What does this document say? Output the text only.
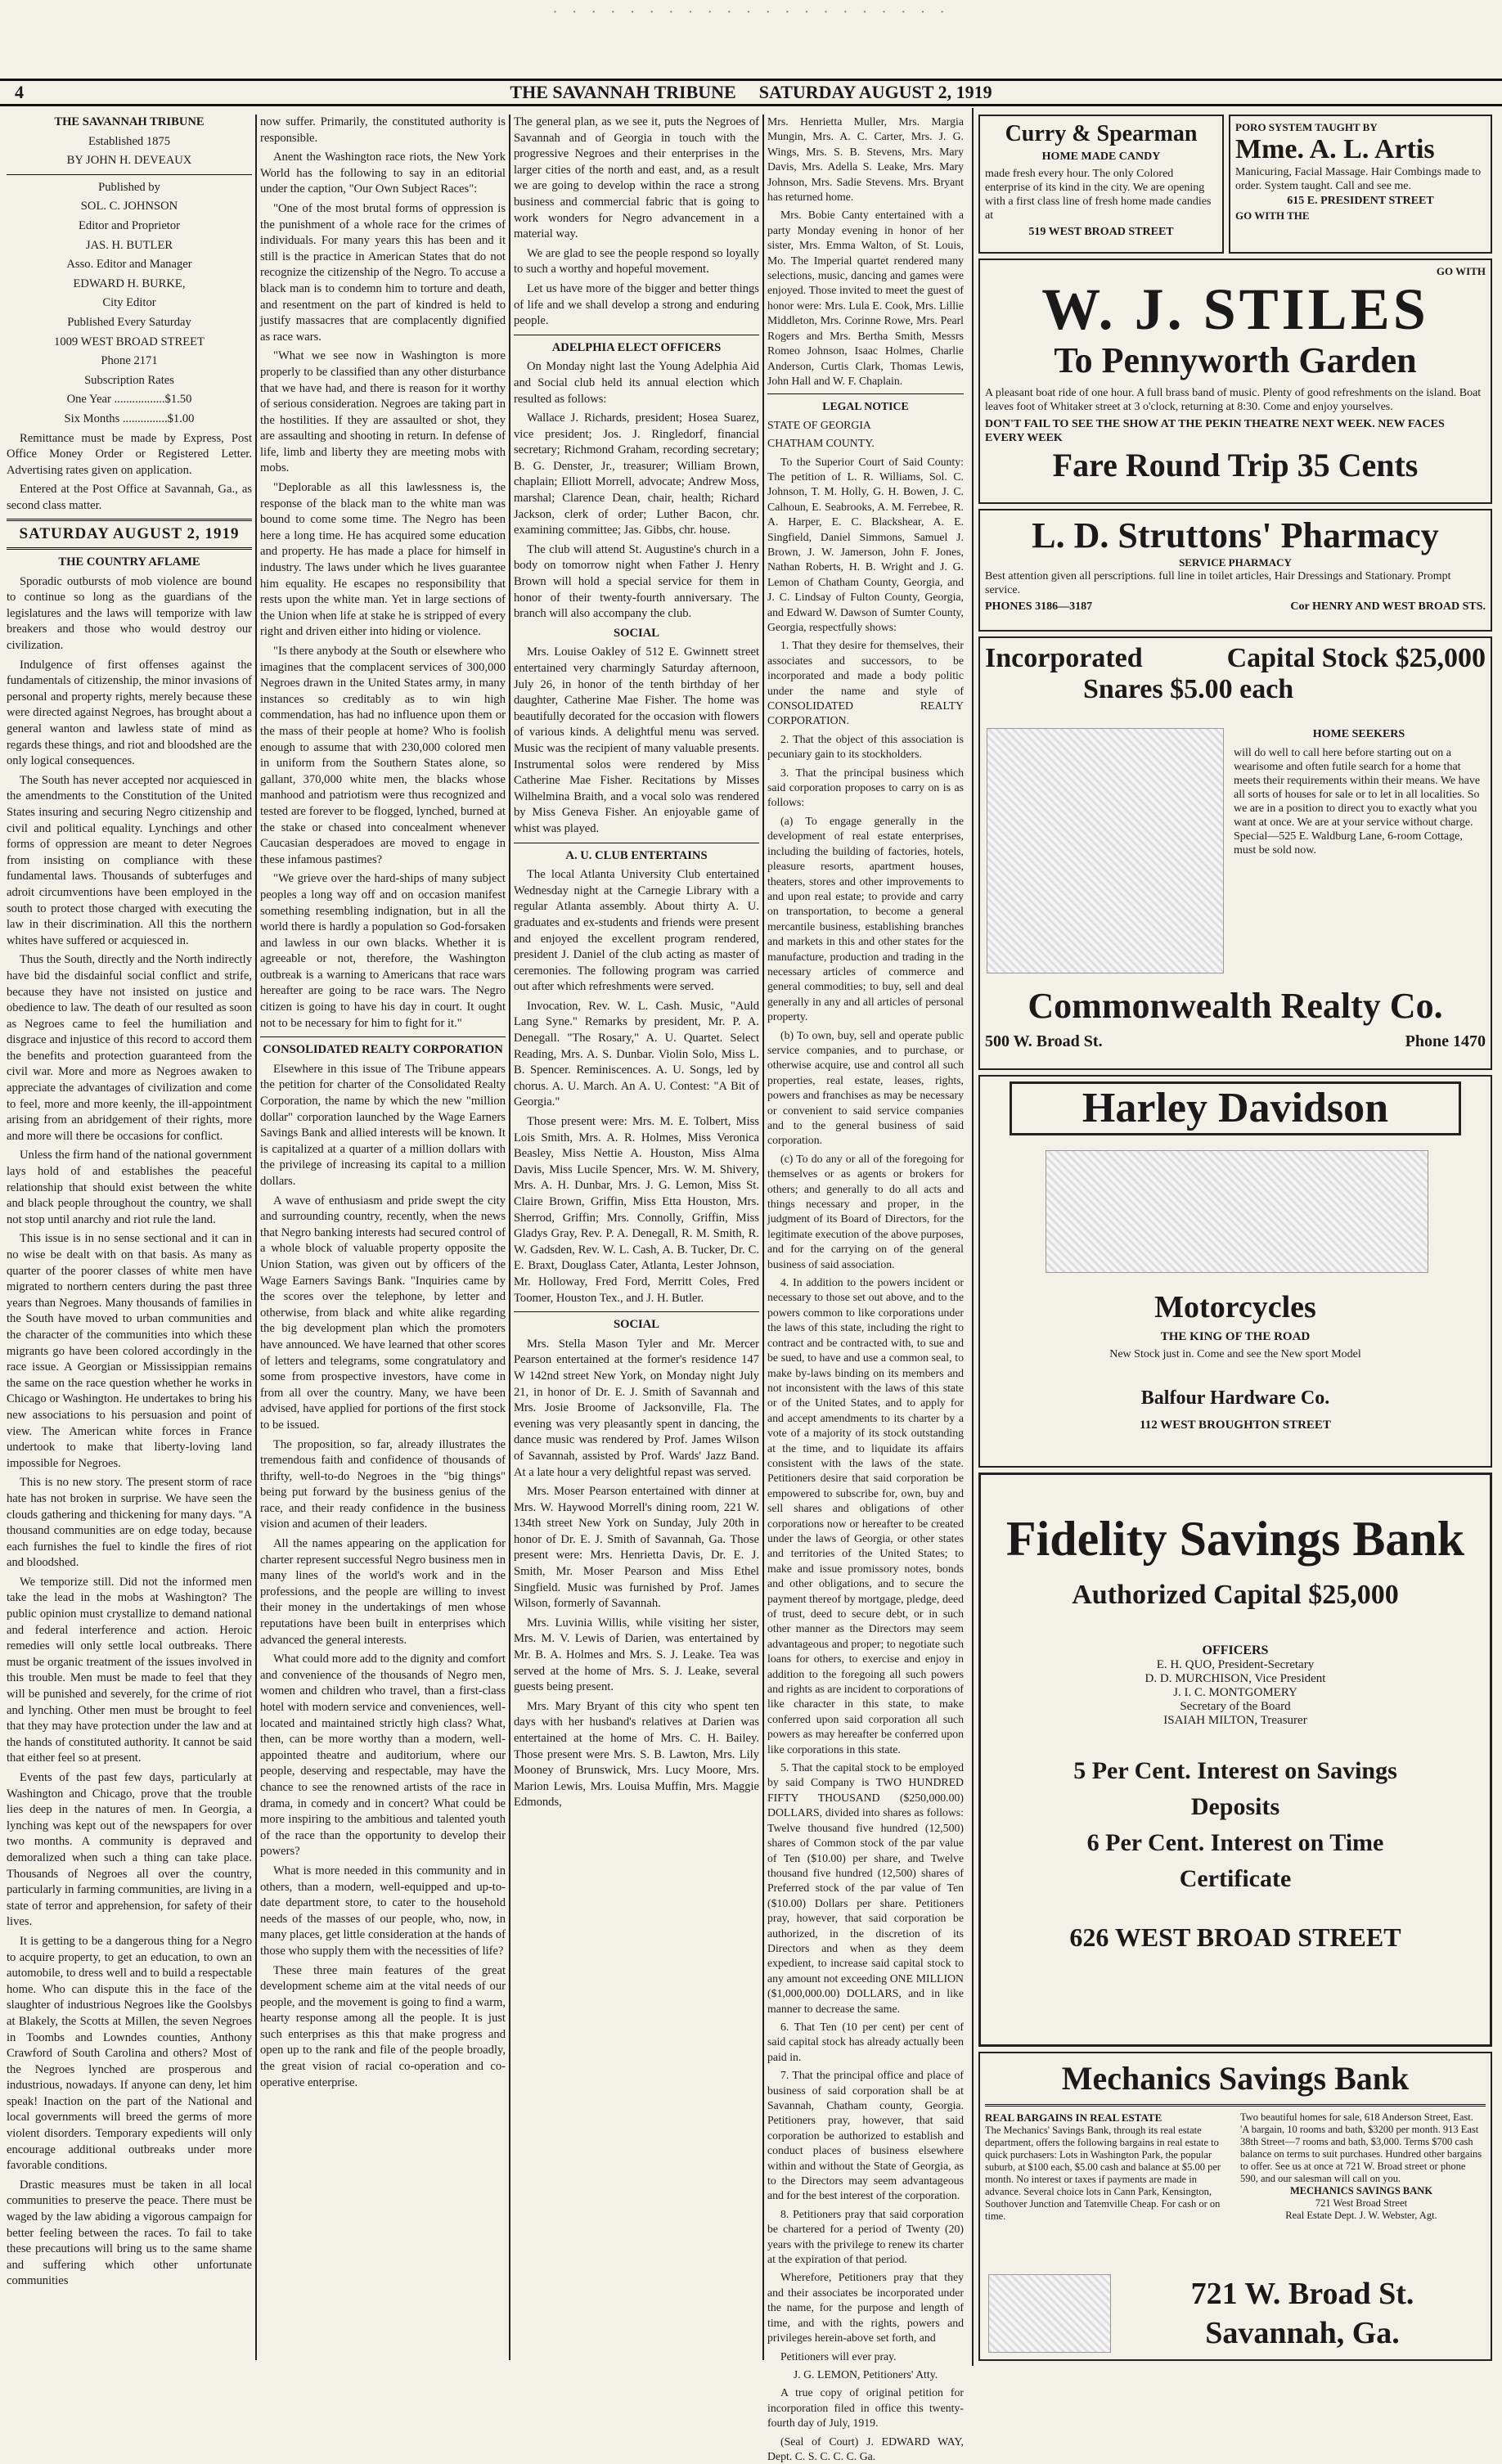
· · · · · · · · · · · · · · · · · · · · ·
4	THE SAVANNAH TRIBUNE SATURDAY AUGUST 2, 1919

THE SAVANNAH TRIBUNE

Established 1875

BY JOHN H. DEVEAUX

Published by

SOL. C. JOHNSON

Editor and Proprietor

JAS. H. BUTLER

Asso. Editor and Manager

EDWARD H. BURKE,

City Editor

Published Every Saturday

1009 WEST BROAD STREET

Phone 2171

Subscription Rates

One Year .................$1.50

Six Months ...............$1.00

Remittance must be made by Express, Post Office Money Order or Registered Letter. Advertising rates given on application.

Entered at the Post Office at Savannah, Ga., as second class matter.

SATURDAY AUGUST 2, 1919

THE COUNTRY AFLAME

Sporadic outbursts of mob violence are bound to continue so long as the guardians of the legislatures and the laws will temporize with law breakers and those who would destroy our civilization.

Indulgence of first offenses against the fundamentals of citizenship, the minor invasions of personal and property rights, merely because these were directed against Negroes, has brought about a general wanton and lawless state of mind as regards these things, and riot and bloodshed are the only logical consequences.

The South has never accepted nor acquiesced in the amendments to the Constitution of the United States insuring and securing Negro citizenship and civil and political equality. Lynchings and other forms of oppression are meant to deter Negroes from insisting on compliance with these fundamental laws. Thousands of subterfuges and adroit circumventions have been employed in the south to protect those charged with executing the law in their discrimination. All this the northern whites have suffered or acquiesced in.

Thus the South, directly and the North indirectly have bid the disdainful social conflict and strife, because they have not insisted on justice and obedience to law. The death of our resulted as soon as Negroes came to feel the humiliation and disgrace and injustice of this record to accord them the benefits and protection guaranteed from the civil war. More and more as Negroes awaken to appreciate the advantages of civilization and come to feel, more and more keenly, the ill-appointment arising from an abridgement of their rights, more and more will there be occasions for conflict.

Unless the firm hand of the national government lays hold of and establishes the peaceful relationship that should exist between the white and black people throughout the country, we shall not stop until anarchy and riot rule the land.

This issue is in no sense sectional and it can in no wise be dealt with on that basis. As many as quarter of the poorer classes of white men have migrated to northern centers during the past three years than Negroes. Many thousands of families in the South have moved to urban communities and the character of the communities into which these migrants go have been colored accordingly in the race issue. A Georgian or Mississippian remains the same on the race question whether he works in Chicago or Washington. He undertakes to bring his new associations to his persuasion and point of view. The American white forces in France undertook to make that liberty-loving land impossible for Negroes.

This is no new story. The present storm of race hate has not broken in surprise. We have seen the clouds gathering and thickening for many days. "A thousand communities are on edge today, because each furnishes the fuel to kindle the fires of riot and bloodshed.

We temporize still. Did not the informed men take the lead in the mobs at Washington? The public opinion must crystallize to demand national and federal interference and action. Heroic remedies will only settle local outbreaks. There must be organic treatment of the issues involved in this trouble. Men must be made to feel that they will be punished and severely, for the crime of riot and lynching. Other men must be brought to feel that they may have protection under the law and at the hands of constituted authority. It cannot be said that either feel so at present.

Events of the past few days, particularly at Washington and Chicago, prove that the trouble lies deep in the natures of men. In Georgia, a lynching was kept out of the newspapers for over two months. A community is depraved and demoralized when such a thing can take place. Thousands of Negroes all over the country, particularly in farming communities, are living in a state of terror and apprehension, for safety of their lives.

It is getting to be a dangerous thing for a Negro to acquire property, to get an education, to own an automobile, to dress well and to build a respectable home. Who can dispute this in the face of the slaughter of industrious Negroes like the Goolsbys at Blakely, the Scotts at Millen, the seven Negroes in Toombs and Lowndes counties, Anthony Crawford of South Carolina and others? Most of the Negroes lynched are prosperous and industrious, nowadays. If anyone can deny, let him speak! Inaction on the part of the National and local governments will breed the germs of more violent disorders. Temporary expedients will only encourage additional outbreaks under more favorable conditions.

Drastic measures must be taken in all local communities to preserve the peace. There must be waged by the law abiding a vigorous campaign for better feeling between the races. To fail to take these precautions will bring us to the same shame and suffering which other unfortunate communities

now suffer. Primarily, the constituted authority is responsible.

Anent the Washington race riots, the New York World has the following to say in an editorial under the caption, "Our Own Subject Races":

"One of the most brutal forms of oppression is the punishment of a whole race for the crimes of individuals. For many years this has been and it still is the practice in American States that do not recognize the citizenship of the Negro. To accuse a black man is to condemn him to torture and death, and resentment on the part of kindred is held to justify massacres that are complacently dignified as race wars.

"What we see now in Washington is more properly to be classified than any other disturbance that we have had, and there is reason for it worthy of serious consideration. Negroes are taking part in the hostilities. If they are assaulted or shot, they are assaulting and shooting in return. In defense of life, limb and liberty they are meeting mobs with mobs.

"Deplorable as all this lawlessness is, the response of the black man to the white man was bound to come some time. The Negro has been here a long time. He has acquired some education and property. He has made a place for himself in industry. The laws under which he lives guarantee him equality. He escapes no responsibility that rests upon the white man. Yet in large sections of the Union when life at stake he is stripped of every right and driven either into hiding or violence.

"Is there anybody at the South or elsewhere who imagines that the complacent services of 300,000 Negroes drawn in the United States army, in many instances so creditably as to win high commendation, has had no influence upon them or the mass of their people at home? Who is foolish enough to assume that with 230,000 colored men in uniform from the Southern States alone, so gallant, 370,000 white men, the blacks whose manhood and patriotism were thus recognized and tested are forever to be flogged, lynched, burned at the stake or chased into concealment whenever Caucasian desperadoes are moved to engage in these infamous pastimes?

"We grieve over the hard-ships of many subject peoples a long way off and on occasion manifest something resembling indignation, but in all the world there is hardly a population so God-forsaken and lawless in our own blacks. Whether it is agreeable or not, therefore, the Washington outbreak is a warning to Americans that race wars hereafter are going to be race wars. The Negro citizen is going to have his day in court. It ought not to be necessary for him to fight for it."

CONSOLIDATED REALTY CORPORATION

Elsewhere in this issue of The Tribune appears the petition for charter of the Consolidated Realty Corporation, the name by which the new "million dollar" corporation launched by the Wage Earners Savings Bank and allied interests will be known. It is capitalized at a quarter of a million dollars with the privilege of increasing its capital to a million dollars.

A wave of enthusiasm and pride swept the city and surrounding country, recently, when the news that Negro banking interests had secured control of a whole block of valuable property opposite the Union Station, was given out by officers of the Wage Earners Savings Bank. "Inquiries came by the scores over the telephone, by letter and otherwise, from black and white alike regarding the big development plan which the promoters have announced. We have learned that other scores of letters and telegrams, some congratulatory and some from prospective investors, have come in from all over the country. Many, we have been advised, have applied for portions of the first stock to be issued.

The proposition, so far, already illustrates the tremendous faith and confidence of thousands of thrifty, well-to-do Negroes in the "big things" being put forward by the business genius of the race, and their ready confidence in the business vision and acumen of their leaders.

All the names appearing on the application for charter represent successful Negro business men in many lines of the world's work and in the professions, and the people are willing to invest their money in the undertakings of men whose reputations have been built in enterprises which advanced the general interests.

What could more add to the dignity and comfort and convenience of the thousands of Negro men, women and children who travel, than a first-class hotel with modern service and conveniences, well-located and maintained strictly high class? What, then, can be more worthy than a modern, well-appointed theatre and auditorium, where our people, deserving and respectable, may have the chance to see the renowned artists of the race in drama, in comedy and in concert? What could be more inspiring to the ambitious and talented youth of the race than the opportunity to develop their powers?

What is more needed in this community and in others, than a modern, well-equipped and up-to-date department store, to cater to the household needs of the masses of our people, who, now, in many places, get little consideration at the hands of those who supply them with the necessities of life?

These three main features of the great development scheme aim at the vital needs of our people, and the movement is going to find a warm, hearty response among all the people. It is just such enterprises as this that make progress and open up to the rank and file of the people broadly, the great vision of racial co-operation and co-operative enterprise.

The general plan, as we see it, puts the Negroes of Savannah and of Georgia in touch with the progressive Negroes and their enterprises in the larger cities of the north and east, and, as a result we are going to develop within the race a strong business and commercial fabric that is going to work wonders for Negro advancement in a material way.

We are glad to see the people respond so loyally to such a worthy and hopeful movement.

Let us have more of the bigger and better things of life and we shall develop a strong and enduring people.

ADELPHIA ELECT OFFICERS

On Monday night last the Young Adelphia Aid and Social club held its annual election which resulted as follows:

Wallace J. Richards, president; Hosea Suarez, vice president; Jos. J. Ringledorf, financial secretary; Richmond Graham, recording secretary; B. G. Denster, Jr., treasurer; William Brown, chaplain; Elliott Morrell, advocate; Andrew Moss, marshal; Clarence Dean, chair, health; Richard Jackson, clerk of order; Luther Bacon, chr. examining committee; Jas. Gibbs, chr. house.

The club will attend St. Augustine's church in a body on tomorrow night when Father J. Henry Brown will hold a special service for them in honor of their twenty-fourth anniversary. The branch will also accompany the club.

SOCIAL

Mrs. Louise Oakley of 512 E. Gwinnett street entertained very charmingly Saturday afternoon, July 26, in honor of the tenth birthday of her daughter, Catherine Mae Fisher. The home was beautifully decorated for the occasion with flowers of various kinds. A delightful menu was served. Music was the recipient of many valuable presents. Instrumental solos were rendered by Miss Catherine Mae Fisher. Recitations by Misses Wilhelmina Braith, and a vocal solo was rendered by Miss Geneva Fisher. An enjoyable game of whist was played.

A. U. CLUB ENTERTAINS

The local Atlanta University Club entertained Wednesday night at the Carnegie Library with a regular Atlanta assembly. About thirty A. U. graduates and ex-students and friends were present and enjoyed the excellent program rendered, president J. Daniel of the club acting as master of ceremonies. The following program was carried out after which refreshments were served.

Invocation, Rev. W. L. Cash. Music, "Auld Lang Syne." Remarks by president, Mr. P. A. Denegall. "The Rosary," A. U. Quartet. Select Reading, Mrs. A. S. Dunbar. Violin Solo, Miss L. B. Spencer. Reminiscences. A. U. Songs, led by chorus. A. U. March. An A. U. Contest: "A Bit of Georgia."

Those present were: Mrs. M. E. Tolbert, Miss Lois Smith, Mrs. A. R. Holmes, Miss Veronica Beasley, Miss Nettie A. Houston, Miss Alma Davis, Miss Lucile Spencer, Mrs. W. M. Shivery, Mrs. A. H. Dunbar, Mrs. J. G. Lemon, Miss St. Claire Brown, Griffin, Miss Etta Houston, Mrs. Sherrod, Griffin; Mrs. Connolly, Griffin, Miss Gladys Gray, Rev. P. A. Denegall, R. M. Smith, R. W. Gadsden, Rev. W. L. Cash, A. B. Tucker, Dr. C. E. Braxt, Douglass Cater, Atlanta, Lester Johnson, Mr. Holloway, Fred Ford, Merritt Coles, Fred Toomer, Houston Tex., and J. H. Butler.

SOCIAL

Mrs. Stella Mason Tyler and Mr. Mercer Pearson entertained at the former's residence 147 W 142nd street New York, on Monday night July 21, in honor of Dr. E. J. Smith of Savannah and Mrs. Josie Broome of Jacksonville, Fla. The evening was very pleasantly spent in dancing, the dance music was rendered by Prof. James Wilson of Savannah, assisted by Prof. Wards' Jazz Band. At a late hour a very delightful repast was served.

Mrs. Moser Pearson entertained with dinner at Mrs. W. Haywood Morrell's dining room, 221 W. 134th street New York on Sunday, July 20th in honor of Dr. E. J. Smith of Savannah, Ga. Those present were: Mrs. Henrietta Davis, Dr. E. J. Smith, Mr. Moser Pearson and Miss Ethel Singfield. Music was furnished by Prof. James Wilson, formerly of Savannah.

Mrs. Luvinia Willis, while visiting her sister, Mrs. M. V. Lewis of Darien, was entertained by Mr. B. A. Holmes and Mrs. S. J. Leake. Tea was served at the home of Mrs. S. J. Leake, several guests being present.

Mrs. Mary Bryant of this city who spent ten days with her husband's relatives at Darien was entertained at the home of Mrs. C. H. Bailey. Those present were Mrs. S. B. Lawton, Mrs. Lily Mooney of Brunswick, Mrs. Lucy Moore, Mrs. Marion Lewis, Mrs. Louisa Muffin, Mrs. Maggie Edmonds,

Mrs. Henrietta Muller, Mrs. Margia Mungin, Mrs. A. C. Carter, Mrs. J. G. Wings, Mrs. S. B. Stevens, Mrs. Mary Davis, Mrs. Adella S. Leake, Mrs. Mary Johnson, Mrs. Sadie Stevens. Mrs. Bryant has returned home.

Mrs. Bobie Canty entertained with a party Monday evening in honor of her sister, Mrs. Emma Walton, of St. Louis, Mo. The Imperial quartet rendered many selections, music, dancing and games were enjoyed. Those invited to meet the guest of honor were: Mrs. Lula E. Cook, Mrs. Lillie Middleton, Mrs. Corinne Rowe, Mrs. Pearl Rogers and Mrs. Bertha Smith, Messrs Romeo Johnson, Isaac Holmes, Charlie Anderson, Curtis Clark, Thomas Lewis, John Hall and W. F. Chaplain.

LEGAL NOTICE

STATE OF GEORGIA

CHATHAM COUNTY.

To the Superior Court of Said County: The petition of L. R. Williams, Sol. C. Johnson, T. M. Holly, G. H. Bowen, J. C. Calhoun, E. Seabrooks, A. M. Ferrebee, R. A. Harper, E. C. Blackshear, A. E. Singfield, Daniel Simmons, Samuel J. Brown, J. W. Jamerson, John F. Jones, Nathan Roberts, H. B. Wright and J. G. Lemon of Chatham County, Georgia, and J. C. Lindsay of Fulton County, Georgia, and Edward W. Dawson of Sumter County, Georgia, respectfully shows:

1. That they desire for themselves, their associates and successors, to be incorporated and made a body politic under the name and style of CONSOLIDATED REALTY CORPORATION.

2. That the object of this association is pecuniary gain to its stockholders.

3. That the principal business which said corporation proposes to carry on is as follows:

(a) To engage generally in the development of real estate enterprises, including the building of factories, hotels, pleasure resorts, apartment houses, theaters, stores and other improvements to and upon real estate; to provide and carry on transportation, to become a general mercantile business, establishing branches and markets in this and other states for the manufacture, production and trading in the necessary articles of commerce and general commodities; to buy, sell and deal generally in any and all articles of personal property.

(b) To own, buy, sell and operate public service companies, and to purchase, or otherwise acquire, use and control all such properties, real estate, leases, rights, powers and franchises as may be necessary or convenient to said service companies and to the general business of said corporation.

(c) To do any or all of the foregoing for themselves or as agents or brokers for others; and generally to do all acts and things necessary and proper, in the judgment of its Board of Directors, for the legitimate execution of the above purposes, and for the carrying on of the general business of said association.

4. In addition to the powers incident or necessary to those set out above, and to the powers common to like corporations under the laws of this state, including the right to contract and be contracted with, to sue and be sued, to have and use a common seal, to make by-laws binding on its members and not inconsistent with the laws of this state or of the United States, and to apply for and accept amendments to its charter by a vote of a majority of its stock outstanding at the time, and to liquidate its affairs consistent with the laws of the state. Petitioners desire that said corporation be empowered to subscribe for, own, buy and sell shares and obligations of other corporations now or hereafter to be created under the laws of Georgia, or other states and territories of the United States; to make and issue promissory notes, bonds and other obligations, and to secure the payment thereof by mortgage, pledge, deed of trust, deed to secure debt, or in such other manner as the Directors may seem advantageous and proper; to negotiate such loans for others, to exercise and enjoy in addition to the foregoing all such powers and rights as are incident to corporations of like character in this state, to make conferred upon said corporation all such powers as may hereafter be conferred upon like corporations in this state.

5. That the capital stock to be employed by said Company is TWO HUNDRED FIFTY THOUSAND ($250,000.00) DOLLARS, divided into shares as follows: Twelve thousand five hundred (12,500) shares of Common stock of the par value of Ten ($10.00) per share, and Twelve thousand five hundred (12,500) shares of Preferred stock of the par value of Ten ($10.00) Dollars per share. Petitioners pray, however, that said corporation be authorized, in the discretion of its Directors and when as they deem expedient, to increase said capital stock to any amount not exceeding ONE MILLION ($1,000,000.00) DOLLARS, and in like manner to decrease the same.

6. That Ten (10 per cent) per cent of said capital stock has already actually been paid in.

7. That the principal office and place of business of said corporation shall be at Savannah, Chatham county, Georgia. Petitioners pray, however, that said corporation be authorized to establish and conduct places of business elsewhere within and without the State of Georgia, as to the Directors may seem advantageous and for the best interest of the corporation.

8. Petitioners pray that said corporation be chartered for a period of Twenty (20) years with the privilege to renew its charter at the expiration of that period.

Wherefore, Petitioners pray that they and their associates be incorporated under the name, for the purpose and length of time, and with the rights, powers and privileges herein-above set forth, and

Petitioners will ever pray.

J. G. LEMON, Petitioners' Atty.

A true copy of original petition for incorporation filed in office this twenty-fourth day of July, 1919.

(Seal of Court) J. EDWARD WAY, Dept. C. S. C. C. C. Ga.

Curry & Spearman
HOME MADE CANDY
made fresh every hour. The only Colored enterprise of its kind in the city. We are opening with a first class line of fresh home made candies at
519 WEST BROAD STREET
PORO SYSTEM TAUGHT BY
Mme. A. L. Artis
Manicuring, Facial Massage. Hair Combings made to order. System taught. Call and see me.
615 E. PRESIDENT STREET
GO WITH THE
GO WITH
W. J. STILES
To Pennyworth Garden
A pleasant boat ride of one hour. A full brass band of music. Plenty of good refreshments on the island. Boat leaves foot of Whitaker street at 3 o'clock, returning at 8:30. Come and enjoy yourselves.
DON'T FAIL TO SEE THE SHOW AT THE PEKIN THEATRE NEXT WEEK. NEW FACES EVERY WEEK
Fare Round Trip 35 Cents
L. D. Struttons' Pharmacy
SERVICE PHARMACY
Best attention given all perscriptions. full line in toilet articles, Hair Dressings and Stationary. Prompt service.
PHONES 3186—3187	Cor HENRY AND WEST BROAD STS.
Incorporated	Capital Stock $25,000
Snares $5.00 each
HOME SEEKERS
will do well to call here before starting out on a wearisome and often futile search for a home that meets their requirements within their means. We have all sorts of houses for sale or to let in all localities. So we are in a position to direct you to exactly what you want at once. We are at your service without charge. Special—525 E. Waldburg Lane, 6-room Cottage, must be sold now.
Commonwealth Realty Co.
500 W. Broad St.	Phone 1470
Harley Davidson
Motorcycles
THE KING OF THE ROAD
New Stock just in. Come and see the New sport Model
Balfour Hardware Co.
112 WEST BROUGHTON STREET
Fidelity Savings Bank
Authorized Capital $25,000
OFFICERS
E. H. QUO, President-Secretary
D. D. MURCHISON, Vice President
J. I. C. MONTGOMERY
Secretary of the Board
ISAIAH MILTON, Treasurer
5 Per Cent. Interest on Savings
Deposits
6 Per Cent. Interest on Time
Certificate
626 WEST BROAD STREET
Mechanics Savings Bank
REAL BARGAINS IN REAL ESTATE
The Mechanics' Savings Bank, through its real estate department, offers the following bargains in real estate to quick purchasers: Lots in Washington Park, the popular suburb, at $100 each, $5.00 cash and balance at $5.00 per month. No interest or taxes if payments are made in advance. Several choice lots in Cann Park, Kensington, Southover Junction and Tatemville Cheap. For cash or on time.
Two beautiful homes for sale, 618 Anderson Street, East. 'A bargain, 10 rooms and bath, $3200 per month. 913 East 38th Street—7 rooms and bath, $3,000. Terms $700 cash balance on terms to suit purchases. Hundred other bargains to offer. See us at once at 721 W. Broad street or phone 590, and our salesman will call on you.
MECHANICS SAVINGS BANK
721 West Broad Street
Real Estate Dept. J. W. Webster, Agt.
721 W. Broad St.
Savannah, Ga.
